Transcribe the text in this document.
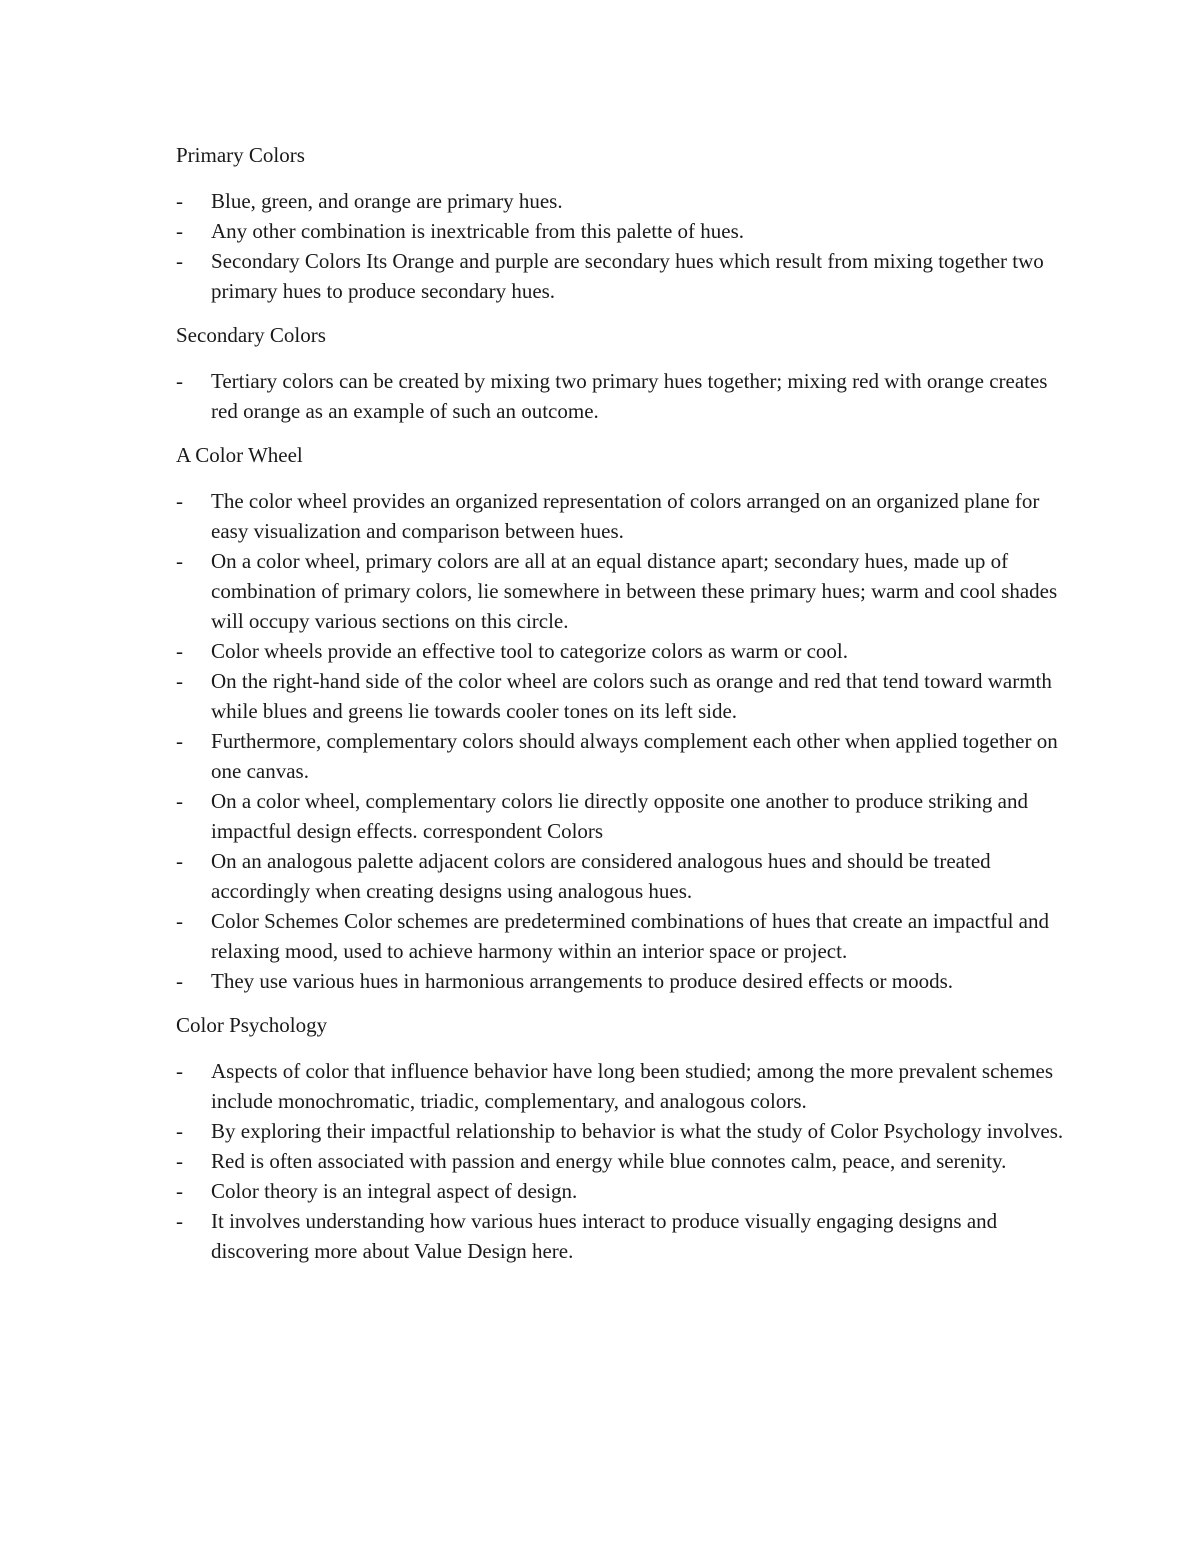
Primary Colors

- Blue, green, and orange are primary hues.
- Any other combination is inextricable from this palette of hues.
- Secondary Colors Its Orange and purple are secondary hues which result from mixing together two primary hues to produce secondary hues.

Secondary Colors

- Tertiary colors can be created by mixing two primary hues together; mixing red with orange creates red orange as an example of such an outcome.

A Color Wheel

- The color wheel provides an organized representation of colors arranged on an organized plane for easy visualization and comparison between hues.
- On a color wheel, primary colors are all at an equal distance apart; secondary hues, made up of combination of primary colors, lie somewhere in between these primary hues; warm and cool shades will occupy various sections on this circle.
- Color wheels provide an effective tool to categorize colors as warm or cool.
- On the right-hand side of the color wheel are colors such as orange and red that tend toward warmth while blues and greens lie towards cooler tones on its left side.
- Furthermore, complementary colors should always complement each other when applied together on one canvas.
- On a color wheel, complementary colors lie directly opposite one another to produce striking and impactful design effects. correspondent Colors
- On an analogous palette adjacent colors are considered analogous hues and should be treated accordingly when creating designs using analogous hues.
- Color Schemes Color schemes are predetermined combinations of hues that create an impactful and relaxing mood, used to achieve harmony within an interior space or project.
- They use various hues in harmonious arrangements to produce desired effects or moods.

Color Psychology

- Aspects of color that influence behavior have long been studied; among the more prevalent schemes include monochromatic, triadic, complementary, and analogous colors.
- By exploring their impactful relationship to behavior is what the study of Color Psychology involves.
- Red is often associated with passion and energy while blue connotes calm, peace, and serenity.
- Color theory is an integral aspect of design.
- It involves understanding how various hues interact to produce visually engaging designs and discovering more about Value Design here.
